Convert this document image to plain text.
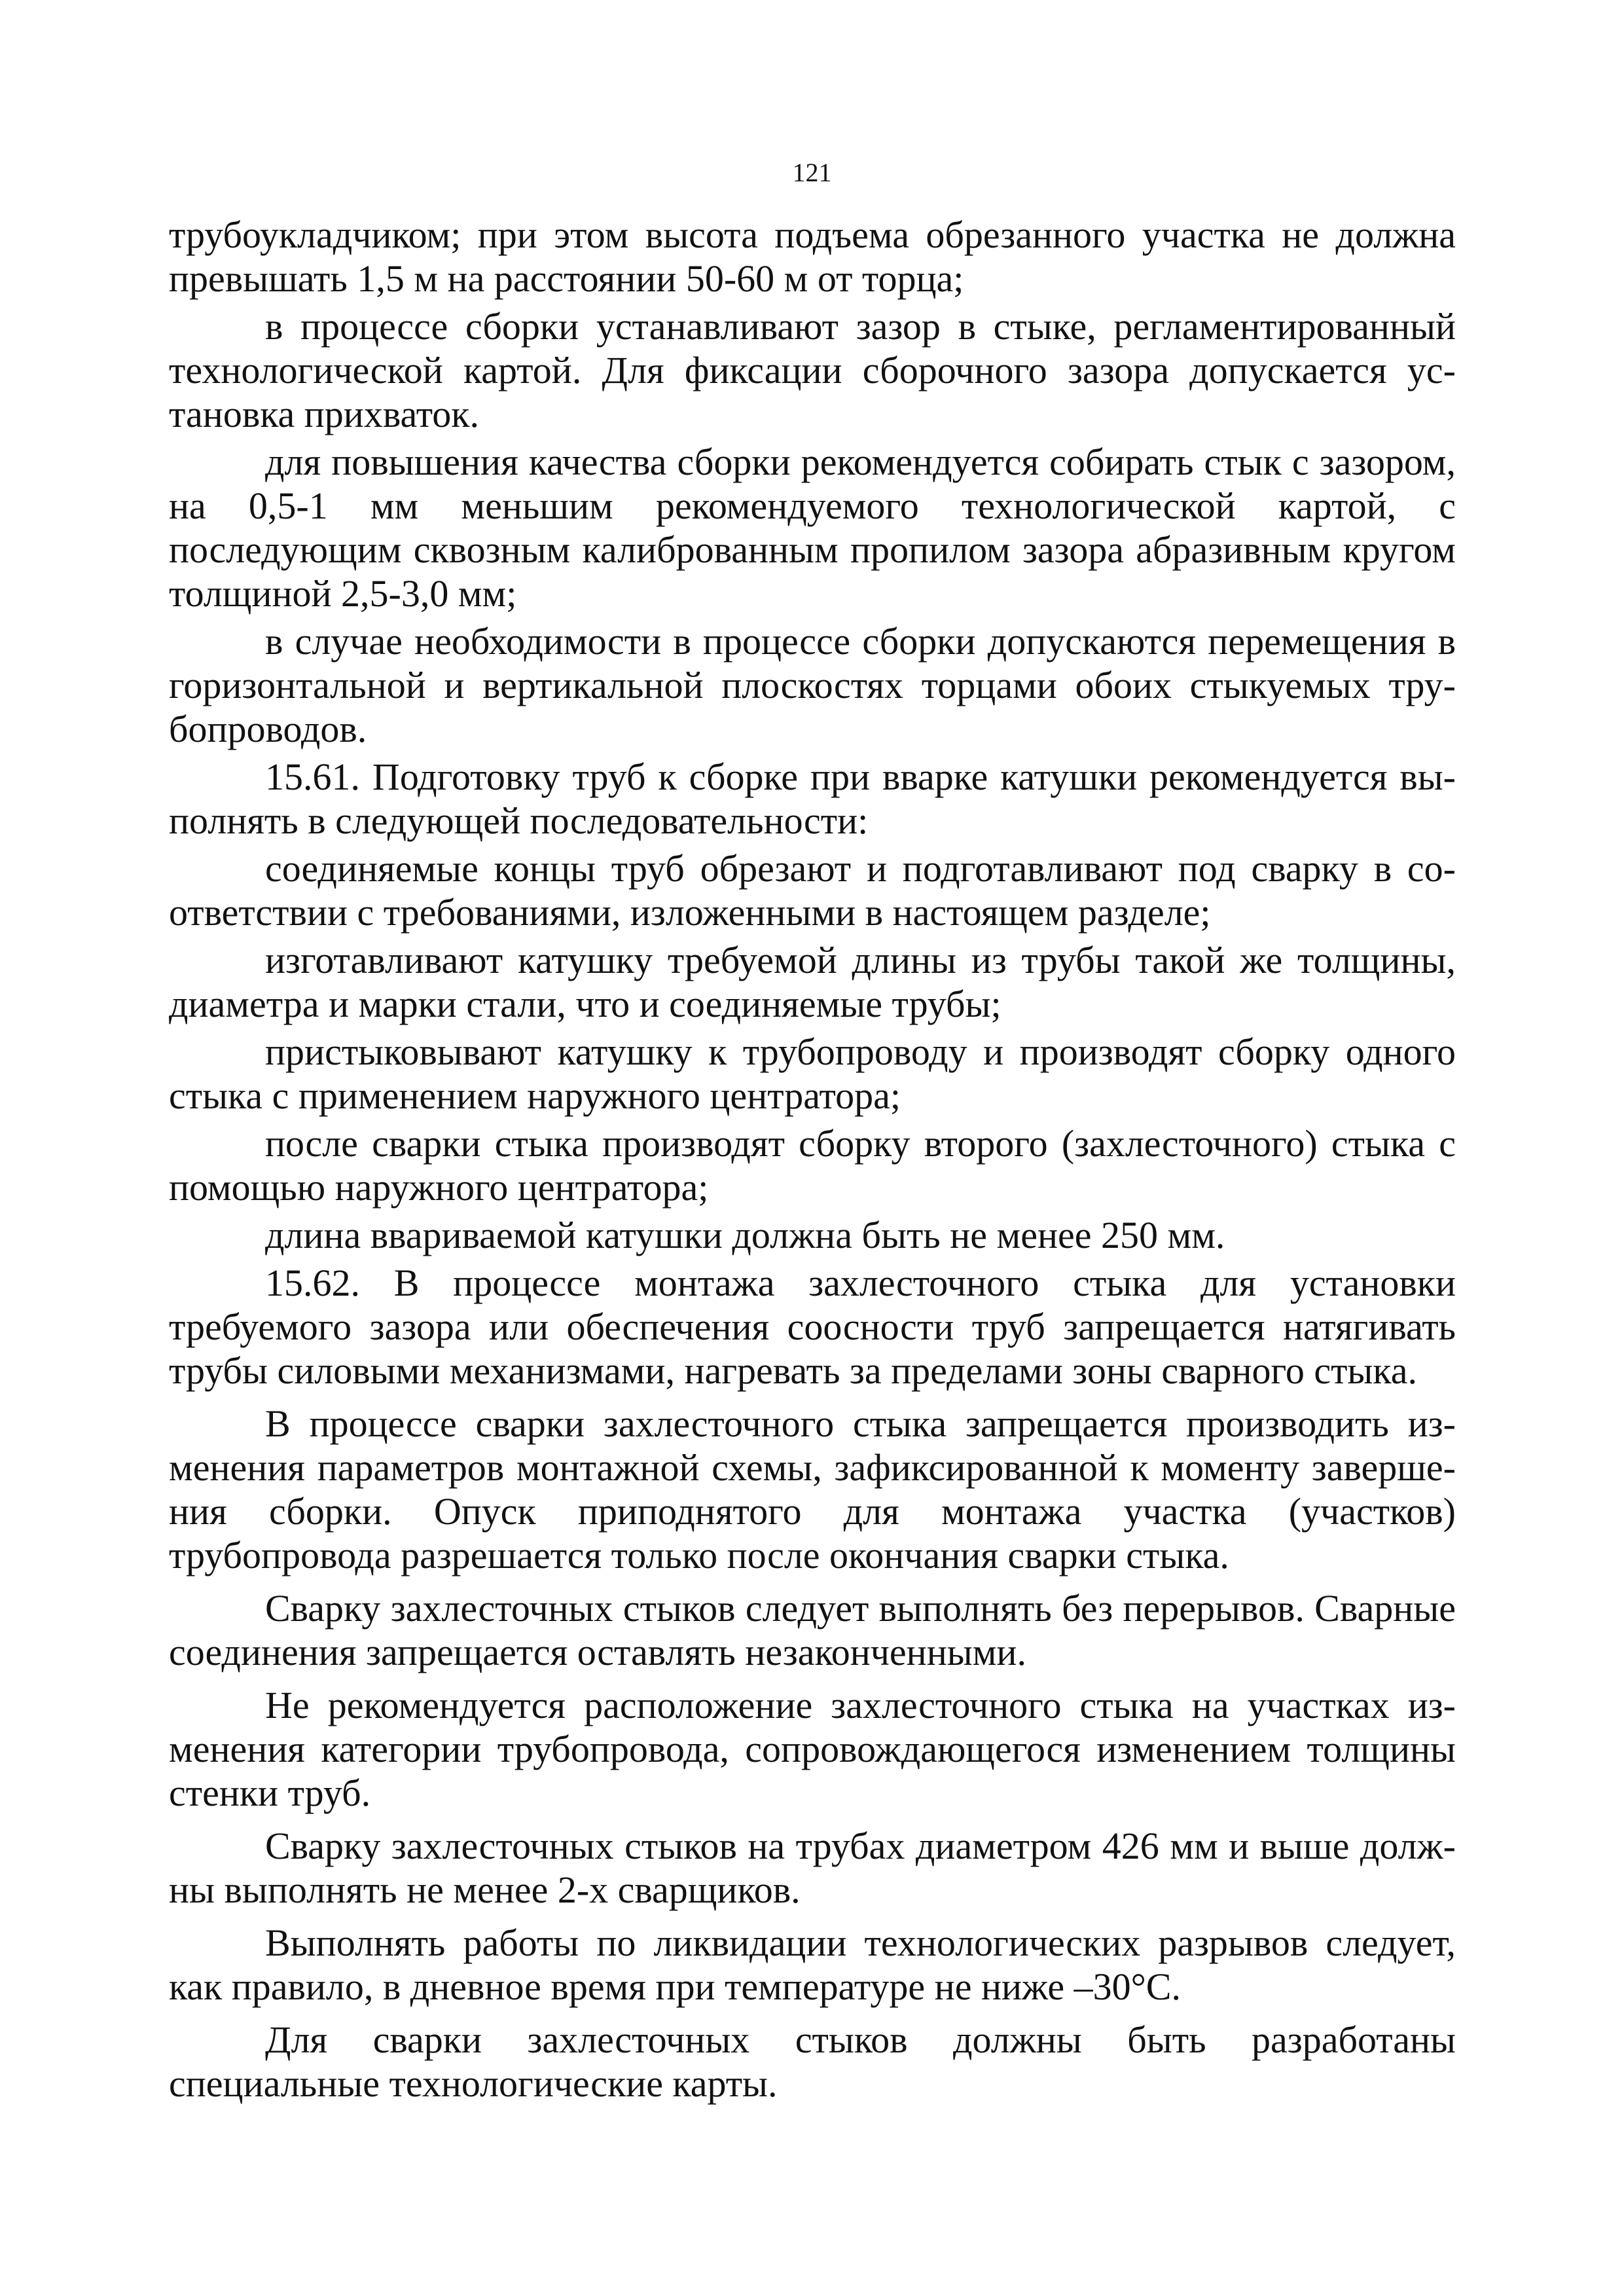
121

трубоукладчиком; при этом высота подъема обрезанного участка не должна превышать 1,5 м на расстоянии 50-60 м от торца;

в процессе сборки устанавливают зазор в стыке, регламентированный технологической картой. Для фиксации сборочного зазора допускается установка прихваток.

для повышения качества сборки рекомендуется собирать стык с зазором, на 0,5-1 мм меньшим рекомендуемого технологической картой, с последующим сквозным калиброванным пропилом зазора абразивным кругом толщиной 2,5-3,0 мм;

в случае необходимости в процессе сборки допускаются перемещения в горизонтальной и вертикальной плоскостях торцами обоих стыкуемых трубопроводов.

15.61. Подготовку труб к сборке при вварке катушки рекомендуется выполнять в следующей последовательности:

соединяемые концы труб обрезают и подготавливают под сварку в соответствии с требованиями, изложенными в настоящем разделе;

изготавливают катушку требуемой длины из трубы такой же толщины, диаметра и марки стали, что и соединяемые трубы;

пристыковывают катушку к трубопроводу и производят сборку одного стыка с применением наружного центратора;

после сварки стыка производят сборку второго (захлесточного) стыка с помощью наружного центратора;

длина ввариваемой катушки должна быть не менее 250 мм.

15.62. В процессе монтажа захлесточного стыка для установки требуемого зазора или обеспечения соосности труб запрещается натягивать трубы силовыми механизмами, нагревать за пределами зоны сварного стыка.

В процессе сварки захлесточного стыка запрещается производить изменения параметров монтажной схемы, зафиксированной к моменту завершения сборки. Опуск приподнятого для монтажа участка (участков) трубопровода разрешается только после окончания сварки стыка.

Сварку захлесточных стыков следует выполнять без перерывов. Сварные соединения запрещается оставлять незаконченными.

Не рекомендуется расположение захлесточного стыка на участках изменения категории трубопровода, сопровождающегося изменением толщины стенки труб.

Сварку захлесточных стыков на трубах диаметром 426 мм и выше должны выполнять не менее 2-х сварщиков.

Выполнять работы по ликвидации технологических разрывов следует, как правило, в дневное время при температуре не ниже –30°С.

Для сварки захлесточных стыков должны быть разработаны специальные технологические карты.
